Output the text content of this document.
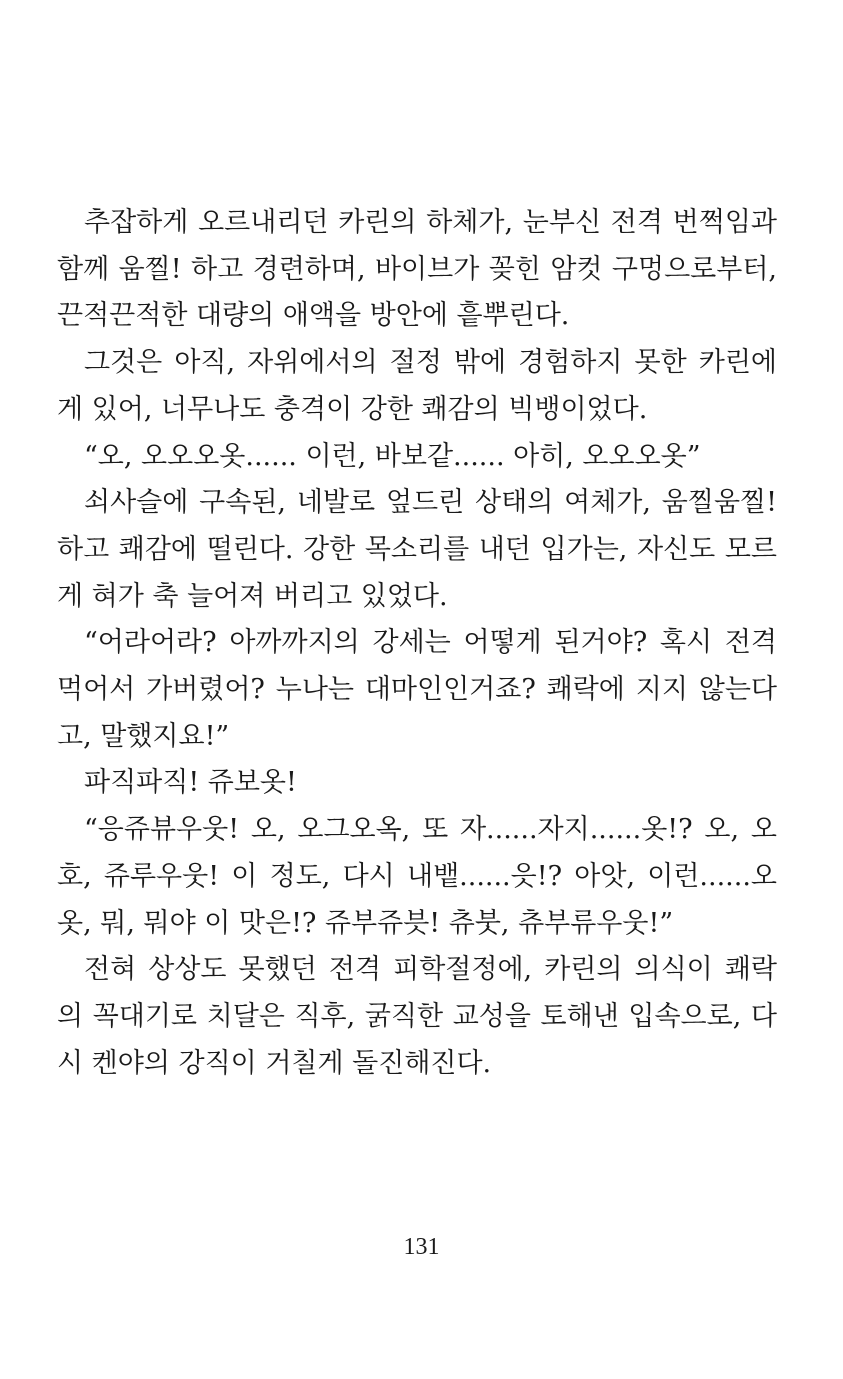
추잡하게 오르내리던 카린의 하체가, 눈부신 전격 번쩍임과 함께 움찔! 하고 경련하며, 바이브가 꽂힌 암컷 구멍으로부터, 끈적끈적한 대량의 애액을 방안에 흩뿌린다.

그것은 아직, 자위에서의 절정 밖에 경험하지 못한 카린에게 있어, 너무나도 충격이 강한 쾌감의 빅뱅이었다.

“오, 오오오옷...... 이런, 바보같...... 아히, 오오오옷”

쇠사슬에 구속된, 네발로 엎드린 상태의 여체가, 움찔움찔! 하고 쾌감에 떨린다. 강한 목소리를 내던 입가는, 자신도 모르게 혀가 축 늘어져 버리고 있었다.

“어라어라? 아까까지의 강세는 어떻게 된거야? 혹시 전격 먹어서 가버렸어? 누나는 대마인인거죠? 쾌락에 지지 않는다고, 말했지요!”

파직파직! 쥬보옷!

“응쥬뷰우웃! 오, 오그오옥, 또 자......자지......옷!? 오, 오호, 쥬루우웃! 이 정도, 다시 내뱉......읏!? 아앗, 이런......오옷, 뭐, 뭐야 이 맛은!? 쥬부쥬븟! 츄붓, 츄부류우웃!”

전혀 상상도 못했던 전격 피학절정에, 카린의 의식이 쾌락의 꼭대기로 치달은 직후, 굵직한 교성을 토해낸 입속으로, 다시 켄야의 강직이 거칠게 돌진해진다.

131
